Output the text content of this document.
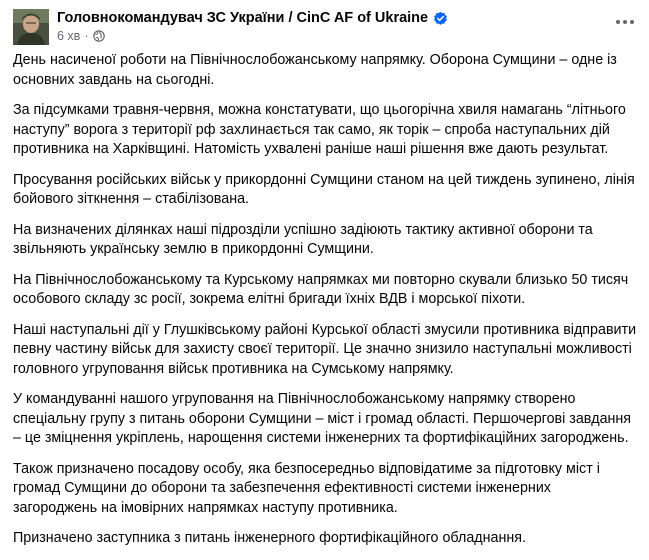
Головнокомандувач ЗС України / CinC AF of Ukraine
6 хв ·

День насиченої роботи на Північнослобожанському напрямку. Оборона Сумщини – одне із основних завдань на сьогодні.

За підсумками травня-червня, можна констатувати, що цьогорічна хвиля намагань “літнього наступу” ворога з території рф захлинається так само, як торік – спроба наступальних дій противника на Харківщині. Натомість ухвалені раніше наші рішення вже дають результат.

Просування російських військ у прикордонні Сумщини станом на цей тиждень зупинено, лінія бойового зіткнення – стабілізована.

На визначених ділянках наші підрозділи успішно задіюють тактику активної оборони та звільняють українську землю в прикордонні Сумщини.

На Північнослобожанському та Курському напрямках ми повторно скували близько 50 тисяч особового складу зс росії, зокрема елітні бригади їхніх ВДВ і морської піхоти.

Наші наступальні дії у Глушківському районі Курської області змусили противника відправити певну частину військ для захисту своєї території. Це значно знизило наступальні можливості головного угруповання військ противника на Сумському напрямку.

У командуванні нашого угруповання на Північнослобожанському напрямку створено спеціальну групу з питань оборони Сумщини – міст і громад області. Першочергові завдання – це зміцнення укріплень, нарощення системи інженерних та фортифікаційних загороджень.

Також призначено посадову особу, яка безпосередньо відповідатиме за підготовку міст і громад Сумщини до оборони та забезпечення ефективності системи інженерних загороджень на імовірних напрямках наступу противника.

Призначено заступника з питань інженерного фортифікаційного обладнання.
